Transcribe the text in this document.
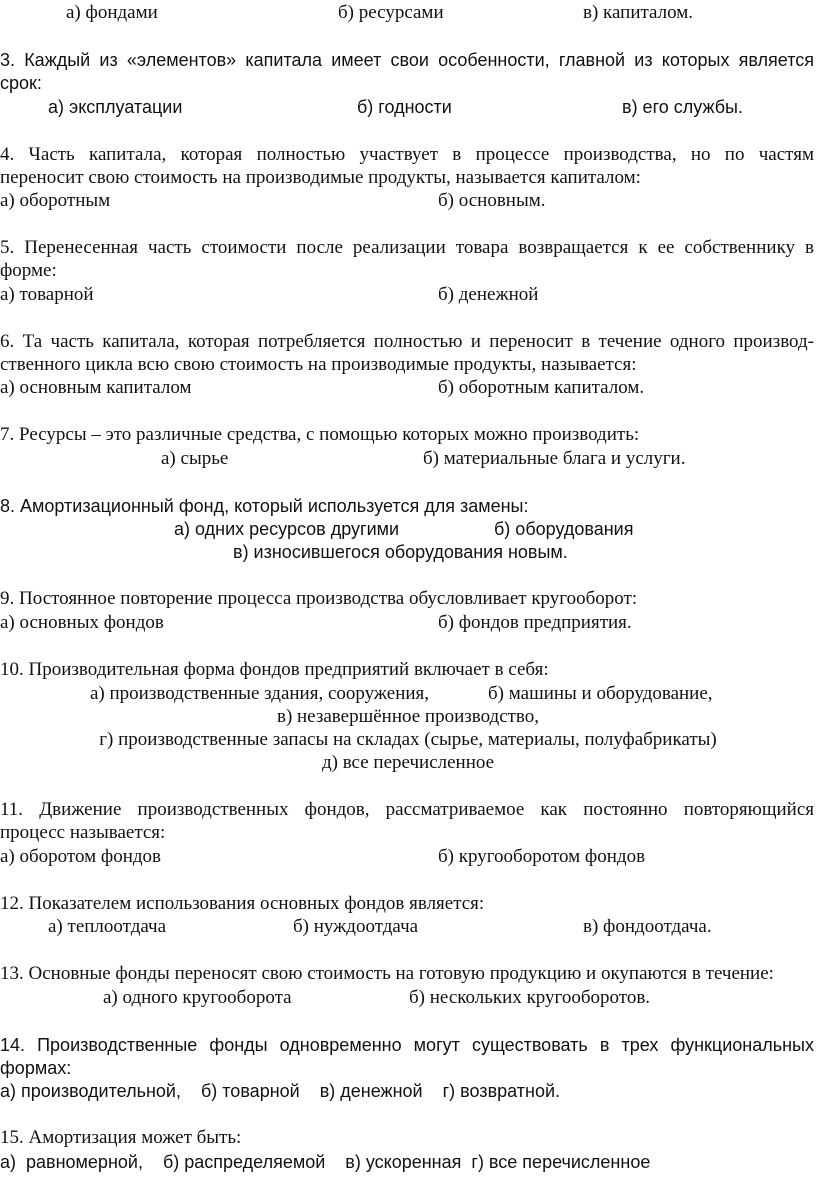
а) фондами	б) ресурсами	в) капиталом.
3. Каждый из «элементов» капитала имеет свои особенности, главной из которых является
срок:
а) эксплуатации	б) годности	в) его службы.
4. Часть капитала, которая полностью участвует в процессе производства, но по частям
переносит свою стоимость на производимые продукты, называется капиталом:
а) оборотным	б) основным.
5. Перенесенная часть стоимости после реализации товара возвращается к ее собственнику в
форме:
а) товарной	б) денежной
6. Та часть капитала, которая потребляется полностью и переносит в течение одного производ-
ственного цикла всю свою стоимость на производимые продукты, называется:
а) основным капиталом	б) оборотным капиталом.
7. Ресурсы – это различные средства, с помощью которых можно производить:
а) сырье	б) материальные блага и услуги.
8. Амортизационный фонд, который используется для замены:
а) одних ресурсов другими	б) оборудования
в) износившегося оборудования новым.
9. Постоянное повторение процесса производства обусловливает кругооборот:
а) основных фондов	б) фондов предприятия.
10. Производительная форма фондов предприятий включает в себя:
а) производственные здания, сооружения,	б) машины и оборудование,
в) незавершённое производство,
г) производственные запасы на складах (сырье, материалы, полуфабрикаты)
д) все перечисленное
11. Движение производственных фондов, рассматриваемое как постоянно повторяющийся
процесс называется:
а) оборотом фондов	б) кругооборотом фондов
12. Показателем использования основных фондов является:
а) теплоотдача	б) нуждоотдача	в) фондоотдача.
13. Основные фонды переносят свою стоимость на готовую продукцию и окупаются в течение:
а) одного кругооборота	б) нескольких кругооборотов.
14. Производственные фонды одновременно могут существовать в трех функциональных
формах:
а) производительной,    б) товарной    в) денежной    г) возвратной.
15. Амортизация может быть:
а)  равномерной,    б) распределяемой    в) ускоренная  г) все перечисленное
